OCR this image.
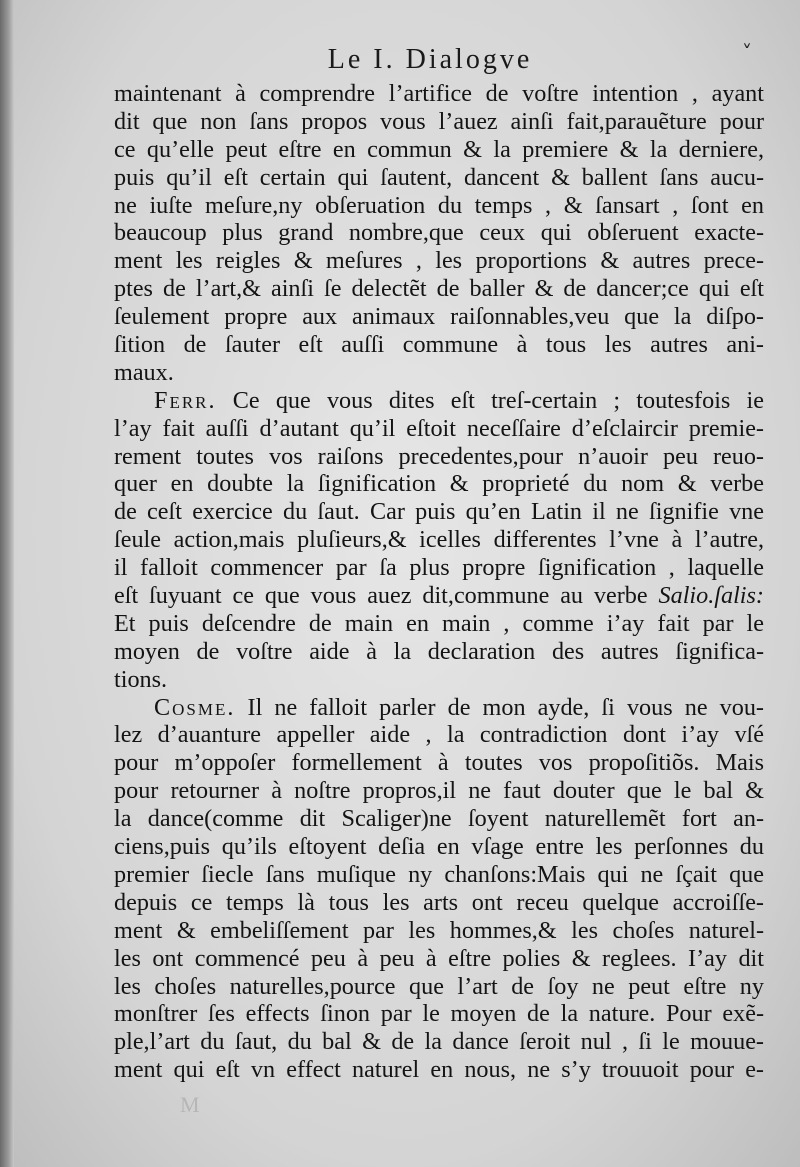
Le I. Dialogve	˅
maintenant à comprendre l’artifice de voſtre intention , ayant
dit que non ſans propos vous l’auez ainſi fait,parauẽture pour
ce qu’elle peut eſtre en commun & la premiere & la derniere,
puis qu’il eſt certain qui ſautent, dancent & ballent ſans aucu-
ne iuſte meſure,ny obſeruation du temps , & ſansart , ſont en
beaucoup plus grand nombre,que ceux qui obſeruent exacte-
ment les reigles & meſures , les proportions & autres prece-
ptes de l’art,& ainſi ſe delectẽt de baller & de dancer;ce qui eſt
ſeulement propre aux animaux raiſonnables,veu que la diſpo-
ſition de ſauter eſt auſſi commune à tous les autres ani-
maux.
Ferr. Ce que vous dites eſt treſ-certain ; toutesfois ie
l’ay fait auſſi d’autant qu’il eſtoit neceſſaire d’eſclaircir premie-
rement toutes vos raiſons precedentes,pour n’auoir peu reuo-
quer en doubte la ſignification & proprieté du nom & verbe
de ceſt exercice du ſaut. Car puis qu’en Latin il ne ſignifie vne
ſeule action,mais pluſieurs,& icelles differentes l’vne à l’autre,
il falloit commencer par ſa plus propre ſignification , laquelle
eſt ſuyuant ce que vous auez dit,commune au verbe Salio.ſalis:
Et puis deſcendre de main en main , comme i’ay fait par le
moyen de voſtre aide à la declaration des autres ſignifica-
tions.
Cosme. Il ne falloit parler de mon ayde, ſi vous ne vou-
lez d’auanture appeller aide , la contradiction dont i’ay vſé
pour m’oppoſer formellement à toutes vos propoſitiõs. Mais
pour retourner à noſtre propros,il ne faut douter que le bal &
la dance(comme dit Scaliger)ne ſoyent naturellemẽt fort an-
ciens,puis qu’ils eſtoyent deſia en vſage entre les perſonnes du
premier ſiecle ſans muſique ny chanſons:Mais qui ne ſçait que
depuis ce temps là tous les arts ont receu quelque accroiſſe-
ment & embeliſſement par les hommes,& les choſes naturel-
les ont commencé peu à peu à eſtre polies & reglees. I’ay dit
les choſes naturelles,pource que l’art de ſoy ne peut eſtre ny
monſtrer ſes effects ſinon par le moyen de la nature. Pour exẽ-
ple,l’art du ſaut, du bal & de la dance ſeroit nul , ſi le mouue-
ment qui eſt vn effect naturel en nous, ne s’y trouuoit pour e-
M
